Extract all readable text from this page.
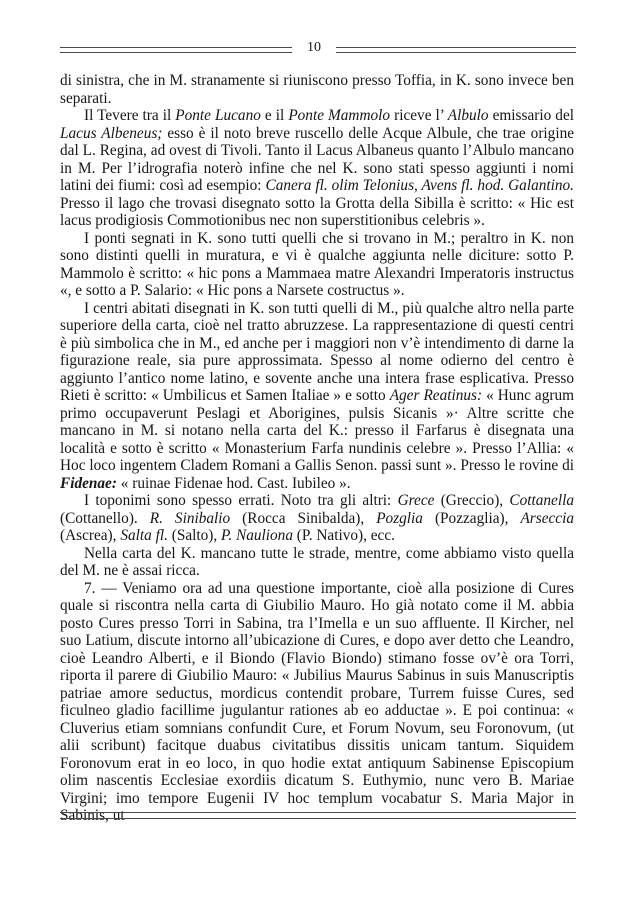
10

di sinistra, che in M. stranamente si riuniscono presso Toffia, in K. sono invece ben separati.

Il Tevere tra il Ponte Lucano e il Ponte Mammolo riceve l’ Albulo emissario del Lacus Albeneus; esso è il noto breve ruscello delle Acque Albule, che trae origine dal L. Regina, ad ovest di Tivoli. Tanto il Lacus Albaneus quanto l’Albulo mancano in M. Per l’idrografia noterò infine che nel K. sono stati spesso aggiunti i nomi latini dei fiumi: così ad esempio: Canera fl. olim Telonius, Avens fl. hod. Galantino. Presso il lago che trovasi disegnato sotto la Grotta della Sibilla è scritto: « Hic est lacus prodigiosis Commotionibus nec non superstitionibus celebris ».

I ponti segnati in K. sono tutti quelli che si trovano in M.; peraltro in K. non sono distinti quelli in muratura, e vi è qualche aggiunta nelle diciture: sotto P. Mammolo è scritto: « hic pons a Mammaea matre Alexandri Imperatoris instructus «, e sotto a P. Salario: « Hic pons a Narsete costructus ».

I centri abitati disegnati in K. son tutti quelli di M., più qualche altro nella parte superiore della carta, cioè nel tratto abruzzese. La rappresentazione di questi centri è più simbolica che in M., ed anche per i maggiori non v’è intendimento di darne la figurazione reale, sia pure approssimata. Spesso al nome odierno del centro è aggiunto l’antico nome latino, e sovente anche una intera frase esplicativa. Presso Rieti è scritto: « Umbilicus et Samen Italiae » e sotto Ager Reatinus: « Hunc agrum primo occupaverunt Peslagi et Aborigines, pulsis Sicanis »· Altre scritte che mancano in M. si notano nella carta del K.: presso il Farfarus è disegnata una località e sotto è scritto « Monasterium Farfa nundinis celebre ». Presso l’Allia: « Hoc loco ingentem Cladem Romani a Gallis Senon. passi sunt ». Presso le rovine di Fidenae: « ruinae Fidenae hod. Cast. Iubileo ».

I toponimi sono spesso errati. Noto tra gli altri: Grece (Greccio), Cottanella (Cottanello). R. Sinibalio (Rocca Sinibalda), Pozglia (Pozzaglia), Arseccia (Ascrea), Salta fl. (Salto), P. Nauliona (P. Nativo), ecc.

Nella carta del K. mancano tutte le strade, mentre, come abbiamo visto quella del M. ne è assai ricca.

7. — Veniamo ora ad una questione importante, cioè alla posizione di Cures quale si riscontra nella carta di Giubilio Mauro. Ho già notato come il M. abbia posto Cures presso Torri in Sabina, tra l’Imella e un suo affluente. Il Kircher, nel suo Latium, discute intorno all’ubicazione di Cures, e dopo aver detto che Leandro, cioè Leandro Alberti, e il Biondo (Flavio Biondo) stimano fosse ov’è ora Torri, riporta il parere di Giubilio Mauro: « Jubilius Maurus Sabinus in suis Manuscriptis patriae amore seductus, mordicus contendit probare, Turrem fuisse Cures, sed ficulneo gladio facillime jugulantur rationes ab eo adductae ». E poi continua: « Cluverius etiam somnians confundit Cure, et Forum Novum, seu Foronovum, (ut alii scribunt) facitque duabus civitatibus dissitis unicam tantum. Siquidem Foronovum erat in eo loco, in quo hodie extat antiquum Sabinense Episcopium olim nascentis Ecclesiae exordiis dicatum S. Euthymio, nunc vero B. Mariae Virgini; imo tempore Eugenii IV hoc templum vocabatur S. Maria Major in Sabinis, ut
